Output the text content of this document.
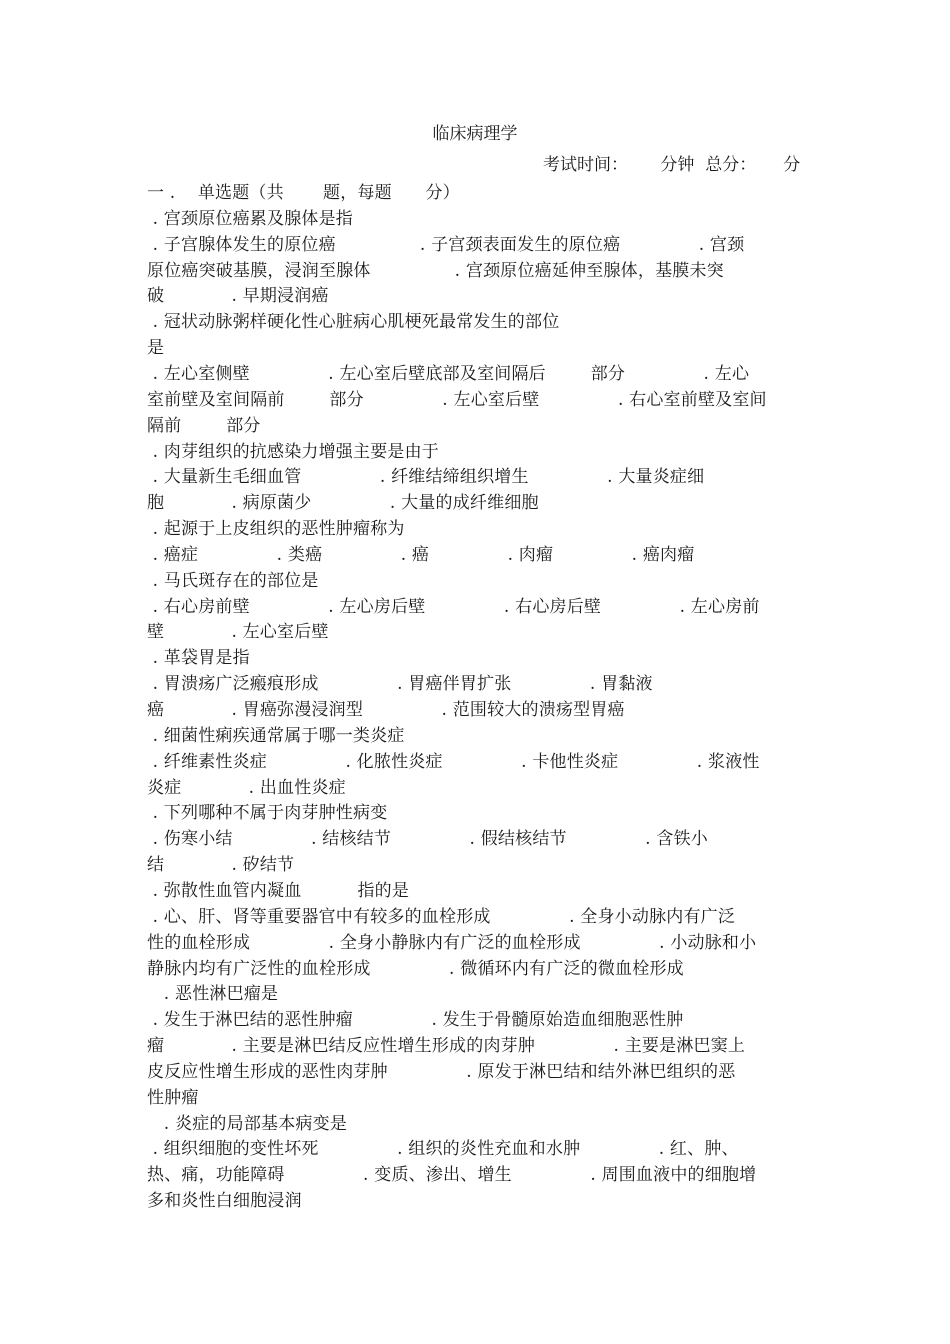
临床病理学
考试时间：      分钟  总分：     分
一 .    单选题（共       题，每题      分）
. 宫颈原位癌累及腺体是指
. 子宫腺体发生的原位癌               . 子宫颈表面发生的原位癌              . 宫颈
原位癌突破基膜，浸润至腺体               . 宫颈原位癌延伸至腺体，基膜未突
破            . 早期浸润癌
. 冠状动脉粥样硬化性心脏病心肌梗死最常发生的部位
是
. 左心室侧壁              . 左心室后壁底部及室间隔后        部分              . 左心
室前壁及室间隔前        部分              . 左心室后壁              . 右心室前壁及室间
隔前        部分
. 肉芽组织的抗感染力增强主要是由于
. 大量新生毛细血管              . 纤维结缔组织增生              . 大量炎症细
胞            . 病原菌少              . 大量的成纤维细胞
. 起源于上皮组织的恶性肿瘤称为
. 癌症              . 类癌              . 癌              . 肉瘤              . 癌肉瘤
. 马氏斑存在的部位是
. 右心房前壁              . 左心房后壁              . 右心房后壁              . 左心房前
壁            . 左心室后壁
. 革袋胃是指
. 胃溃疡广泛瘢痕形成              . 胃癌伴胃扩张              . 胃黏液
癌            . 胃癌弥漫浸润型              . 范围较大的溃疡型胃癌
. 细菌性痢疾通常属于哪一类炎症
. 纤维素性炎症              . 化脓性炎症              . 卡他性炎症              . 浆液性
炎症            . 出血性炎症
. 下列哪种不属于肉芽肿性病变
. 伤寒小结              . 结核结节              . 假结核结节              . 含铁小
结            . 矽结节
. 弥散性血管内凝血          指的是
. 心、肝、肾等重要器官中有较多的血栓形成              . 全身小动脉内有广泛
性的血栓形成              . 全身小静脉内有广泛的血栓形成              . 小动脉和小
静脉内均有广泛性的血栓形成              . 微循环内有广泛的微血栓形成
. 恶性淋巴瘤是
. 发生于淋巴结的恶性肿瘤              . 发生于骨髓原始造血细胞恶性肿
瘤            . 主要是淋巴结反应性增生形成的肉芽肿              . 主要是淋巴窦上
皮反应性增生形成的恶性肉芽肿              . 原发于淋巴结和结外淋巴组织的恶
性肿瘤
. 炎症的局部基本病变是
. 组织细胞的变性坏死              . 组织的炎性充血和水肿              . 红、肿、
热、痛，功能障碍              . 变质、渗出、增生              . 周围血液中的细胞增
多和炎性白细胞浸润
